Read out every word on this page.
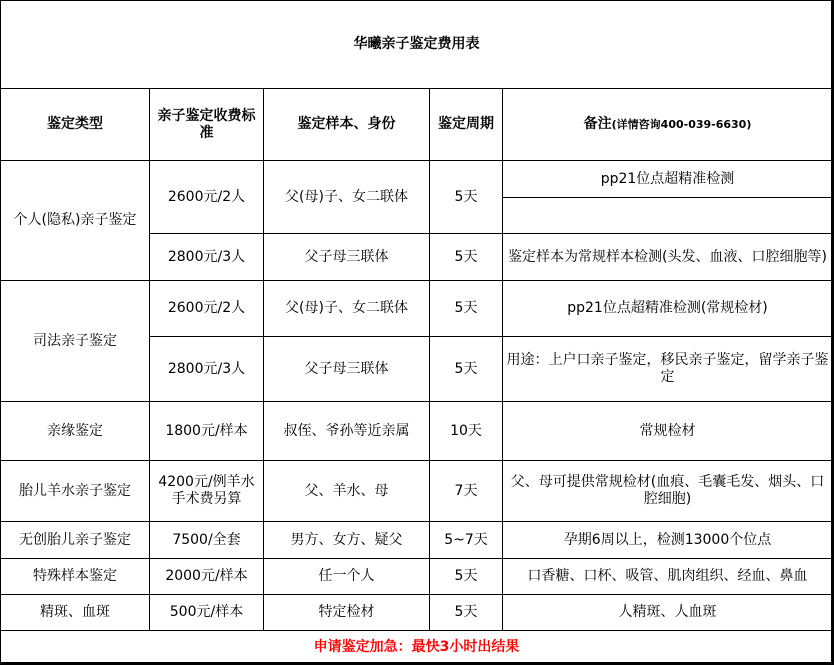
华曦亲子鉴定费用表				
鉴定类型	亲子鉴定收费标准	鉴定样本、身份	鉴定周期	备注(详情咨询400-039-6630)
个人(隐私)亲子鉴定	2600元/2人	父(母)子、女二联体	5天	pp21位点超精准检测

	2800元/3人	父子母三联体	5天	鉴定样本为常规样本检测(头发、血液、口腔细胞等)
司法亲子鉴定	2600元/2人	父(母)子、女二联体	5天	pp21位点超精准检测(常规检材)
	2800元/3人	父子母三联体	5天	用途：上户口亲子鉴定，移民亲子鉴定，留学亲子鉴定
亲缘鉴定	1800元/样本	叔侄、爷孙等近亲属	10天	常规检材
胎儿羊水亲子鉴定	4200元/例羊水手术费另算	父、羊水、母	7天	父、母可提供常规检材(血痕、毛囊毛发、烟头、口腔细胞)
无创胎儿亲子鉴定	7500/全套	男方、女方、疑父	5~7天	孕期6周以上，检测13000个位点
特殊样本鉴定	2000元/样本	任一个人	5天	口香糖、口杯、吸管、肌肉组织、经血、鼻血
精斑、血斑	500元/样本	特定检材	5天	人精斑、人血斑
申请鉴定加急：最快3小时出结果				
